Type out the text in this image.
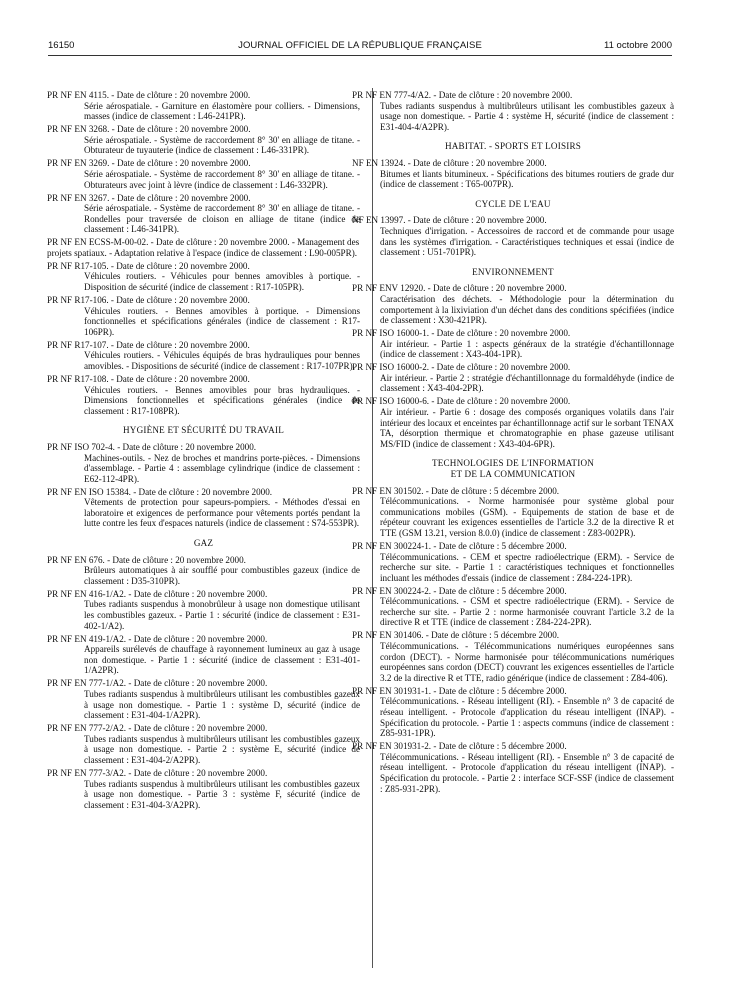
16150	JOURNAL OFFICIEL DE LA RÉPUBLIQUE FRANÇAISE	11 octobre 2000
PR NF EN 4115. - Date de clôture : 20 novembre 2000.
Série aérospatiale. - Garniture en élastomère pour colliers. - Dimensions, masses (indice de classement : L46-241PR).
PR NF EN 3268. - Date de clôture : 20 novembre 2000.
Série aérospatiale. - Système de raccordement 8° 30' en alliage de titane. - Obturateur de tuyauterie (indice de classement : L46-331PR).
PR NF EN 3269. - Date de clôture : 20 novembre 2000.
Série aérospatiale. - Système de raccordement 8° 30' en alliage de titane. - Obturateurs avec joint à lèvre (indice de classement : L46-332PR).
PR NF EN 3267. - Date de clôture : 20 novembre 2000.
Série aérospatiale. - Système de raccordement 8° 30' en alliage de titane. - Rondelles pour traversée de cloison en alliage de titane (indice de classement : L46-341PR).
PR NF EN ECSS-M-00-02. - Date de clôture : 20 novembre 2000. - Management des projets spatiaux. - Adaptation relative à l'espace (indice de classement : L90-005PR).
PR NF R17-105. - Date de clôture : 20 novembre 2000.
Véhicules routiers. - Véhicules pour bennes amovibles à portique. - Disposition de sécurité (indice de classement : R17-105PR).
PR NF R17-106. - Date de clôture : 20 novembre 2000.
Véhicules routiers. - Bennes amovibles à portique. - Dimensions fonctionnelles et spécifications générales (indice de classement : R17-106PR).
PR NF R17-107. - Date de clôture : 20 novembre 2000.
Véhicules routiers. - Véhicules équipés de bras hydrauliques pour bennes amovibles. - Dispositions de sécurité (indice de classement : R17-107PR).
PR NF R17-108. - Date de clôture : 20 novembre 2000.
Véhicules routiers. - Bennes amovibles pour bras hydrauliques. - Dimensions fonctionnelles et spécifications générales (indice de classement : R17-108PR).
HYGIÈNE ET SÉCURITÉ DU TRAVAIL
PR NF ISO 702-4. - Date de clôture : 20 novembre 2000.
Machines-outils. - Nez de broches et mandrins porte-pièces. - Dimensions d'assemblage. - Partie 4 : assemblage cylindrique (indice de classement : E62-112-4PR).
PR NF EN ISO 15384. - Date de clôture : 20 novembre 2000.
Vêtements de protection pour sapeurs-pompiers. - Méthodes d'essai en laboratoire et exigences de performance pour vêtements portés pendant la lutte contre les feux d'espaces naturels (indice de classement : S74-553PR).
GAZ
PR NF EN 676. - Date de clôture : 20 novembre 2000.
Brûleurs automatiques à air soufflé pour combustibles gazeux (indice de classement : D35-310PR).
PR NF EN 416-1/A2. - Date de clôture : 20 novembre 2000.
Tubes radiants suspendus à monobrûleur à usage non domestique utilisant les combustibles gazeux. - Partie 1 : sécurité (indice de classement : E31-402-1/A2).
PR NF EN 419-1/A2. - Date de clôture : 20 novembre 2000.
Appareils surélevés de chauffage à rayonnement lumineux au gaz à usage non domestique. - Partie 1 : sécurité (indice de classement : E31-401-1/A2PR).
PR NF EN 777-1/A2. - Date de clôture : 20 novembre 2000.
Tubes radiants suspendus à multibrûleurs utilisant les combustibles gazeux à usage non domestique. - Partie 1 : système D, sécurité (indice de classement : E31-404-1/A2PR).
PR NF EN 777-2/A2. - Date de clôture : 20 novembre 2000.
Tubes radiants suspendus à multibrûleurs utilisant les combustibles gazeux à usage non domestique. - Partie 2 : système E, sécurité (indice de classement : E31-404-2/A2PR).
PR NF EN 777-3/A2. - Date de clôture : 20 novembre 2000.
Tubes radiants suspendus à multibrûleurs utilisant les combustibles gazeux à usage non domestique. - Partie 3 : système F, sécurité (indice de classement : E31-404-3/A2PR).
PR NF EN 777-4/A2. - Date de clôture : 20 novembre 2000.
Tubes radiants suspendus à multibrûleurs utilisant les combustibles gazeux à usage non domestique. - Partie 4 : système H, sécurité (indice de classement : E31-404-4/A2PR).
HABITAT. - SPORTS ET LOISIRS
NF EN 13924. - Date de clôture : 20 novembre 2000.
Bitumes et liants bitumineux. - Spécifications des bitumes routiers de grade dur (indice de classement : T65-007PR).
CYCLE DE L'EAU
NF EN 13997. - Date de clôture : 20 novembre 2000.
Techniques d'irrigation. - Accessoires de raccord et de commande pour usage dans les systèmes d'irrigation. - Caractéristiques techniques et essai (indice de classement : U51-701PR).
ENVIRONNEMENT
PR NF ENV 12920. - Date de clôture : 20 novembre 2000.
Caractérisation des déchets. - Méthodologie pour la détermination du comportement à la lixiviation d'un déchet dans des conditions spécifiées (indice de classement : X30-421PR).
PR NF ISO 16000-1. - Date de clôture : 20 novembre 2000.
Air intérieur. - Partie 1 : aspects généraux de la stratégie d'échantillonnage (indice de classement : X43-404-1PR).
PR NF ISO 16000-2. - Date de clôture : 20 novembre 2000.
Air intérieur. - Partie 2 : stratégie d'échantillonnage du formaldéhyde (indice de classement : X43-404-2PR).
PR NF ISO 16000-6. - Date de clôture : 20 novembre 2000.
Air intérieur. - Partie 6 : dosage des composés organiques volatils dans l'air intérieur des locaux et enceintes par échantillonnage actif sur le sorbant TENAX TA, désorption thermique et chromatographie en phase gazeuse utilisant MS/FID (indice de classement : X43-404-6PR).
TECHNOLOGIES DE L'INFORMATION
ET DE LA COMMUNICATION
PR NF EN 301502. - Date de clôture : 5 décembre 2000.
Télécommunications. - Norme harmonisée pour système global pour communications mobiles (GSM). - Equipements de station de base et de répéteur couvrant les exigences essentielles de l'article 3.2 de la directive R et TTE (GSM 13.21, version 8.0.0) (indice de classement : Z83-002PR).
PR NF EN 300224-1. - Date de clôture : 5 décembre 2000.
Télécommunications. - CEM et spectre radioélectrique (ERM). - Service de recherche sur site. - Partie 1 : caractéristiques techniques et fonctionnelles incluant les méthodes d'essais (indice de classement : Z84-224-1PR).
PR NF EN 300224-2. - Date de clôture : 5 décembre 2000.
Télécommunications. - CSM et spectre radioélectrique (ERM). - Service de recherche sur site. - Partie 2 : norme harmonisée couvrant l'article 3.2 de la directive R et TTE (indice de classement : Z84-224-2PR).
PR NF EN 301406. - Date de clôture : 5 décembre 2000.
Télécommunications. - Télécommunications numériques européennes sans cordon (DECT). - Norme harmonisée pour télécommunications numériques européennes sans cordon (DECT) couvrant les exigences essentielles de l'article 3.2 de la directive R et TTE, radio générique (indice de classement : Z84-406).
PR NF EN 301931-1. - Date de clôture : 5 décembre 2000.
Télécommunications. - Réseau intelligent (RI). - Ensemble n° 3 de capacité de réseau intelligent. - Protocole d'application du réseau intelligent (INAP). - Spécification du protocole. - Partie 1 : aspects communs (indice de classement : Z85-931-1PR).
PR NF EN 301931-2. - Date de clôture : 5 décembre 2000.
Télécommunications. - Réseau intelligent (RI). - Ensemble n° 3 de capacité de réseau intelligent. - Protocole d'application du réseau intelligent (INAP). - Spécification du protocole. - Partie 2 : interface SCF-SSF (indice de classement : Z85-931-2PR).
